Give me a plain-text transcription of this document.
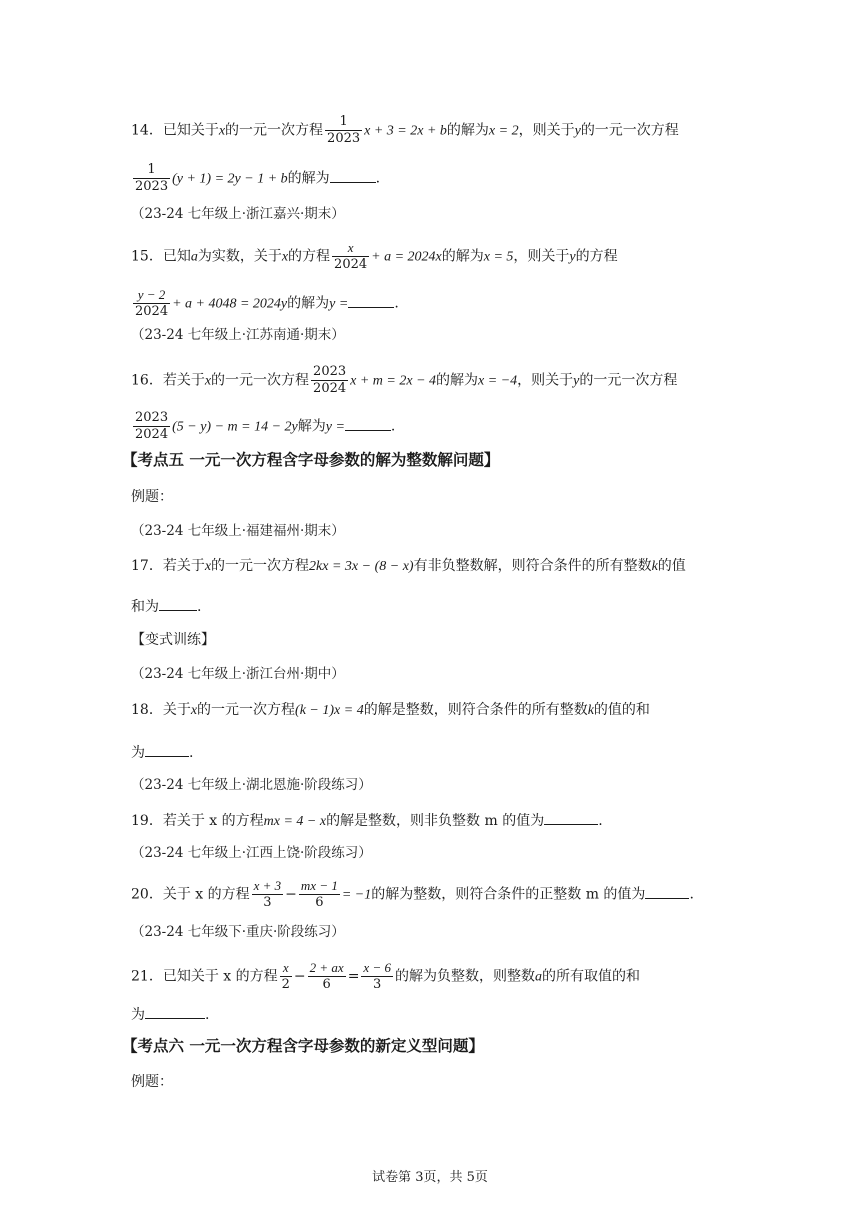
14．已知关于x的一元一次方程 $\frac{1}{2023}$ x + 3 = 2x + b的解为x = 2，则关于y的一元一次方程
$\frac{1}{2023} (y + 1) = 2y - 1 + b$的解为	.
（23-24 七年级上·浙江嘉兴·期末）
15．已知a为实数，关于x的方程 $\frac{x}{2024} + a = 2024x$的解为x = 5，则关于y的方程
$\frac{y - 2}{2024} + a + 4048 = 2024y$的解为y =	.
（23-24 七年级上·江苏南通·期末）
16．若关于x的一元一次方程 $\frac{2023}{2024}$ x + m = 2x − 4的解为x = −4，则关于y的一元一次方程
$\frac{2023}{2024} (5 - y) - m = 14 - 2y$解为y =	.
【考点五 一元一次方程含字母参数的解为整数解问题】
例题：
（23-24 七年级上·福建福州·期末）
17．若关于x的一元一次方程2kx = 3x − (8 − x)有非负整数解，则符合条件的所有整数k的值
和为	.
【变式训练】
（23-24 七年级上·浙江台州·期中）
18．关于x的一元一次方程(k − 1)x = 4的解是整数，则符合条件的所有整数k的值的和
为	.
（23-24 七年级上·湖北恩施·阶段练习）
19．若关于 x 的方程mx = 4 − x的解是整数，则非负整数 m 的值为	.
（23-24 七年级上·江西上饶·阶段练习）
20．关于 x 的方程 $\frac{x + 3}{3} - \frac{mx - 1}{6} = -1$的解为整数，则符合条件的正整数 m 的值为	.
（23-24 七年级下·重庆·阶段练习）
21．已知关于 x 的方程 $\frac{x}{2} - \frac{2 + ax}{6} = \frac{x - 6}{3}$ 的解为负整数，则整数a的所有取值的和
为	.
【考点六 一元一次方程含字母参数的新定义型问题】
例题：
试卷第 3页，共 5页
